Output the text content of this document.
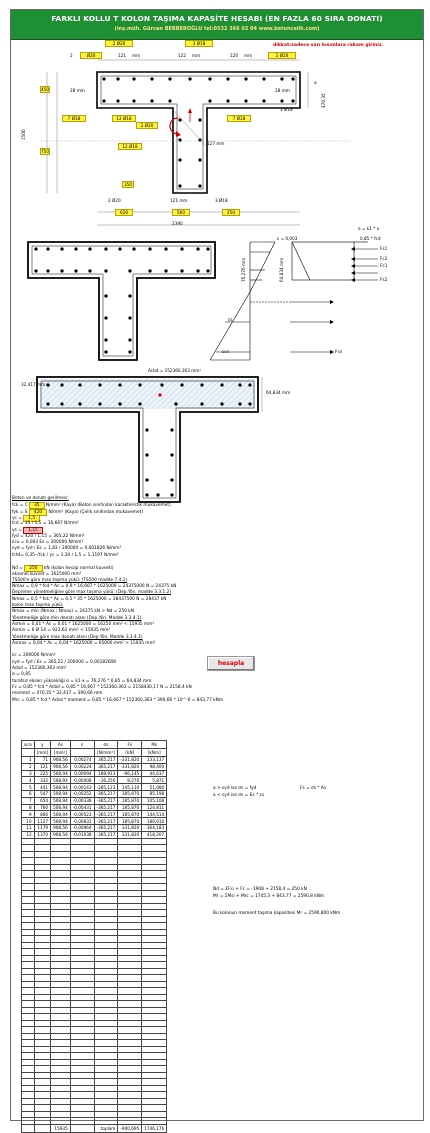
FARKLI KOLLU T KOLON TAŞIMA KAPASİTE HESABI (EN FAZLA 60 SIRA DONATI)
(inş.müh. Gürcan BERBEROĞLU tel:0532 366 02 04 www.betoncelik.com)
dikkat:sadece sarı kısımlara rakam giriniz.
2 Ø20	3 Ø18
2	Ø20	121 mm	122 mm	120 mm	2 Ø20
450
750
1500
28 mm	28 mm
470,35
α
7 Ø18	12 Ø18	7 Ø18
3 Ø18
2 Ø20
12 Ø18
127 mm
350
2 Ø20	121 mm	3 Ø18
620	560	250
2390
ε = 0,003
a = k1 * x
0,85 * fcd
76,276 mm
64,834 mm
Fs1
Fc2
Fc1
Fs2
Fsn
εs
εsn
Acbd = 152360,363 mm²
32,417 mm
64,834 mm
Beton ve donatı gerilmesi:
fck = C 35 N/mm² (Kaya) (Beton sınıfından karakteristik mukavemet)
fyk = S 420 N/mm² (Kaya) (Çelik sınıfından mukavemet)
γc = 1,5
fcd = 35 / 1,5 = 16,667 N/mm²
γs = 1,15
fyd = 420 / 1,15 = 365,22 N/mm²
εcu = 0,003 Es = 200000 N/mm²
εyd = fyd / Es = 1,83 / 200000 = 0,001826 N/mm²
fctd= 0,35·√fck / γc = 1,30 / 1,5 = 1,1197 N/mm²
Nd = 250 kN (kolon hesap normal kuvveti)
eksenel kuvvet = 1625000 mm²
TS500'e göre max taşıma yükü: (TS500 madde 7.4.1)
Nmax = 0,9 * fcd * Ac = 0,9 * 16,667 * 1625000 = 24375000 N = 24375 kN
Depreme yönetmeliğine göre max taşıma yükü: (Dep.Yön. madde 3.3.1.2)
Nmax = 0,5 * fck * Ac = 0,5 * 35 * 1625000 = 28437500 N = 28437 kN
kolon max taşıma yükü:
Nmax = min (Nmax ; Nmax) = 24375 kN > Nd = 250 kN
Yönetmeliğe göre min donatı alanı (Dep.Yön. Madde 3.3.4.1)
Asmin = 0,01 * Ac = 0,01 * 1625000 = 16250 mm² < 15935 mm²
Asmin = 6 Ø 14 = 923,63 mm² < 15935 mm²
Yönetmeliğe göre max donatı alanı (Dep.Yön. Madde 3.3.4.1)
Asmax = 0,04 * Ac = 0,04 * 1625000 = 65000 mm² > 15935 mm²
εc = 200000 N/mm²
εyd = fyd / Es = 365,22 / 200000 = 0,00182608
Acbd = 152360,363 mm²
α = 0,85
tarafsız eksen yüksekliği α = k1·x = 76,276 * 0,85 = 64,834 mm
Fc = 0,85 * fcd * Acbd = 0,85 * 16,667 * 152360,363 = 2158430,17 N = 2158,4 kN
moment = 470,35 * 32,417 = 390,66 mm
Mrc = 0,85 * fcd * Acbd * moment = 0,85 * 16,667 * 152360,363 * 390,66 * 10^-6 = 843,77 kNm
hesapla
sıra	y	As	ε	σs	Fs	Ms
	[mm]	[mm²]		[N/mm²]	[kN]	[kNm]
1	71	908,56	0,00274	365,217	-331,820	133,137
2	121	908,56	0,00224	365,217	-331,820	98,400
3	225	508,94	0,00094	188,913	-96,145	44,637
4	332	508,94	-0,00008	-16,250	8,270	5,871
5	441	508,94	-0,00143	-285,123	145,110	51,080
6	547	508,94	-0,00252	-365,217	185,870	85,198
7	654	508,94	-0,00338	-365,217	185,870	105,108
8	760	508,94	-0,00431	-365,217	185,870	124,811
9	866	508,94	-0,00523	-365,217	185,870	144,514
10	1127	508,94	-0,00831	-365,217	185,870	186,010
11	1179	908,56	-0,00964	-365,217	331,820	364,183
12	1370	908,56	-0,01038	-365,217	331,820	418,207

		15935		toplam	-900,695	1746,176
a > εyd ise σs = fyd	Fs = σs * As
a < εyd ise σs = Es * εs
Nd = ΣFsi + Fc = -1908 + 2158,4 = 250 kN
Mr = ΣMsi + Mrc = 1745,3 + 843,77 = 2590,8 kNm
Bu kolonun moment taşıma kapasitesi Mr = 2590,800 kNm
